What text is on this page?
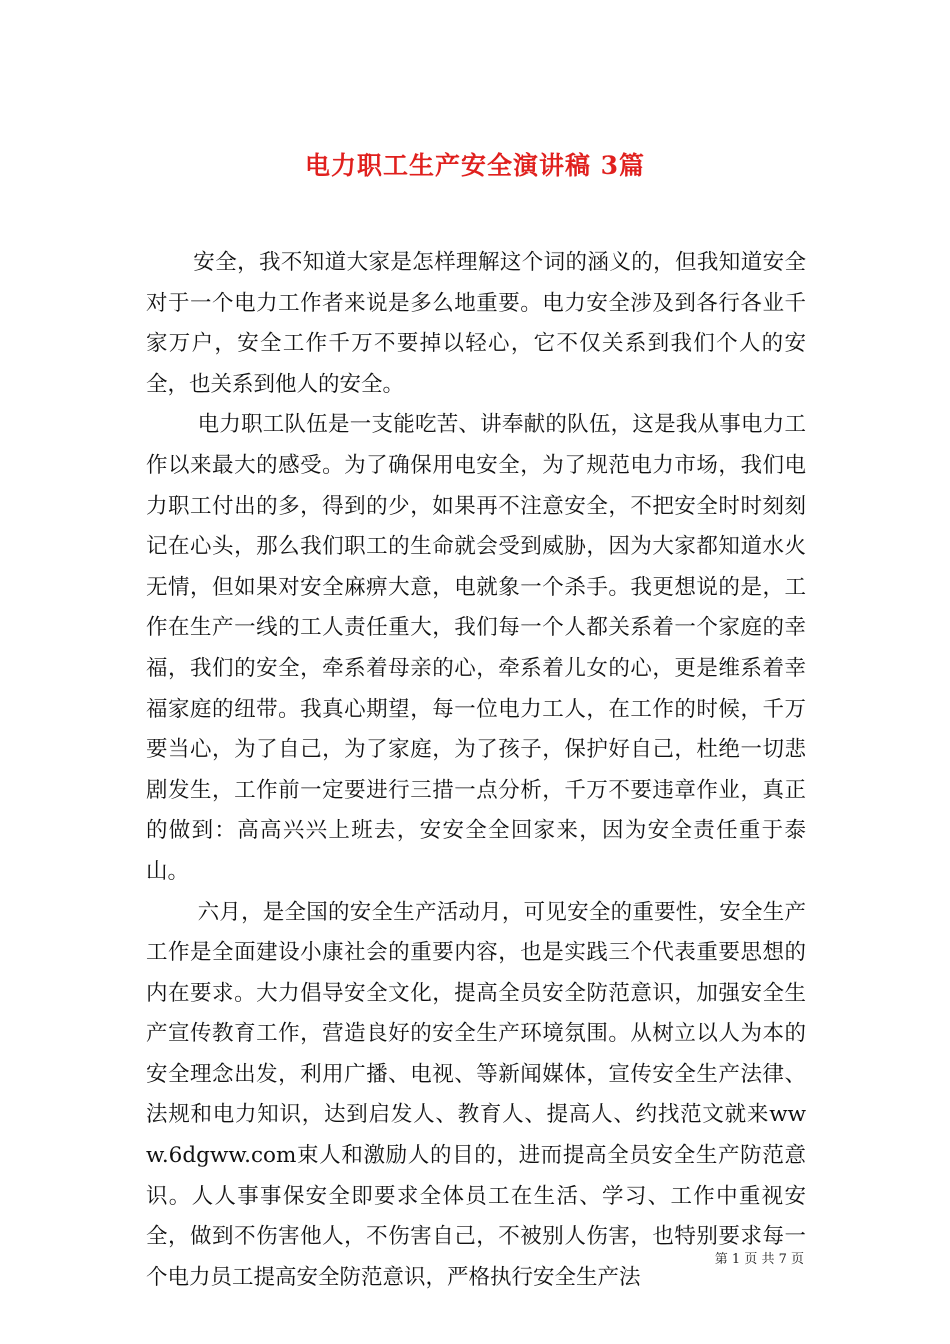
电力职工生产安全演讲稿 3篇

安全，我不知道大家是怎样理解这个词的涵义的，但我知道安全对于一个电力工作者来说是多么地重要。电力安全涉及到各行各业千家万户，安全工作千万不要掉以轻心，它不仅关系到我们个人的安全，也关系到他人的安全。

电力职工队伍是一支能吃苦、讲奉献的队伍，这是我从事电力工作以来最大的感受。为了确保用电安全，为了规范电力市场，我们电力职工付出的多，得到的少，如果再不注意安全，不把安全时时刻刻记在心头，那么我们职工的生命就会受到威胁，因为大家都知道水火无情，但如果对安全麻痹大意，电就象一个杀手。我更想说的是，工作在生产一线的工人责任重大，我们每一个人都关系着一个家庭的幸福，我们的安全，牵系着母亲的心，牵系着儿女的心，更是维系着幸福家庭的纽带。我真心期望，每一位电力工人，在工作的时候，千万要当心，为了自己，为了家庭，为了孩子，保护好自己，杜绝一切悲剧发生，工作前一定要进行三措一点分析，千万不要违章作业，真正的做到：高高兴兴上班去，安安全全回家来，因为安全责任重于泰山。

六月，是全国的安全生产活动月，可见安全的重要性，安全生产工作是全面建设小康社会的重要内容，也是实践三个代表重要思想的内在要求。大力倡导安全文化，提高全员安全防范意识，加强安全生产宣传教育工作，营造良好的安全生产环境氛围。从树立以人为本的安全理念出发，利用广播、电视、等新闻媒体，宣传安全生产法律、法规和电力知识，达到启发人、教育人、提高人、约找范文就来www.6dgww.com束人和激励人的目的，进而提高全员安全生产防范意识。人人事事保安全即要求全体员工在生活、学习、工作中重视安全，做到不伤害他人，不伤害自己，不被别人伤害，也特别要求每一个电力员工提高安全防范意识，严格执行安全生产法

第 1 页 共 7 页
